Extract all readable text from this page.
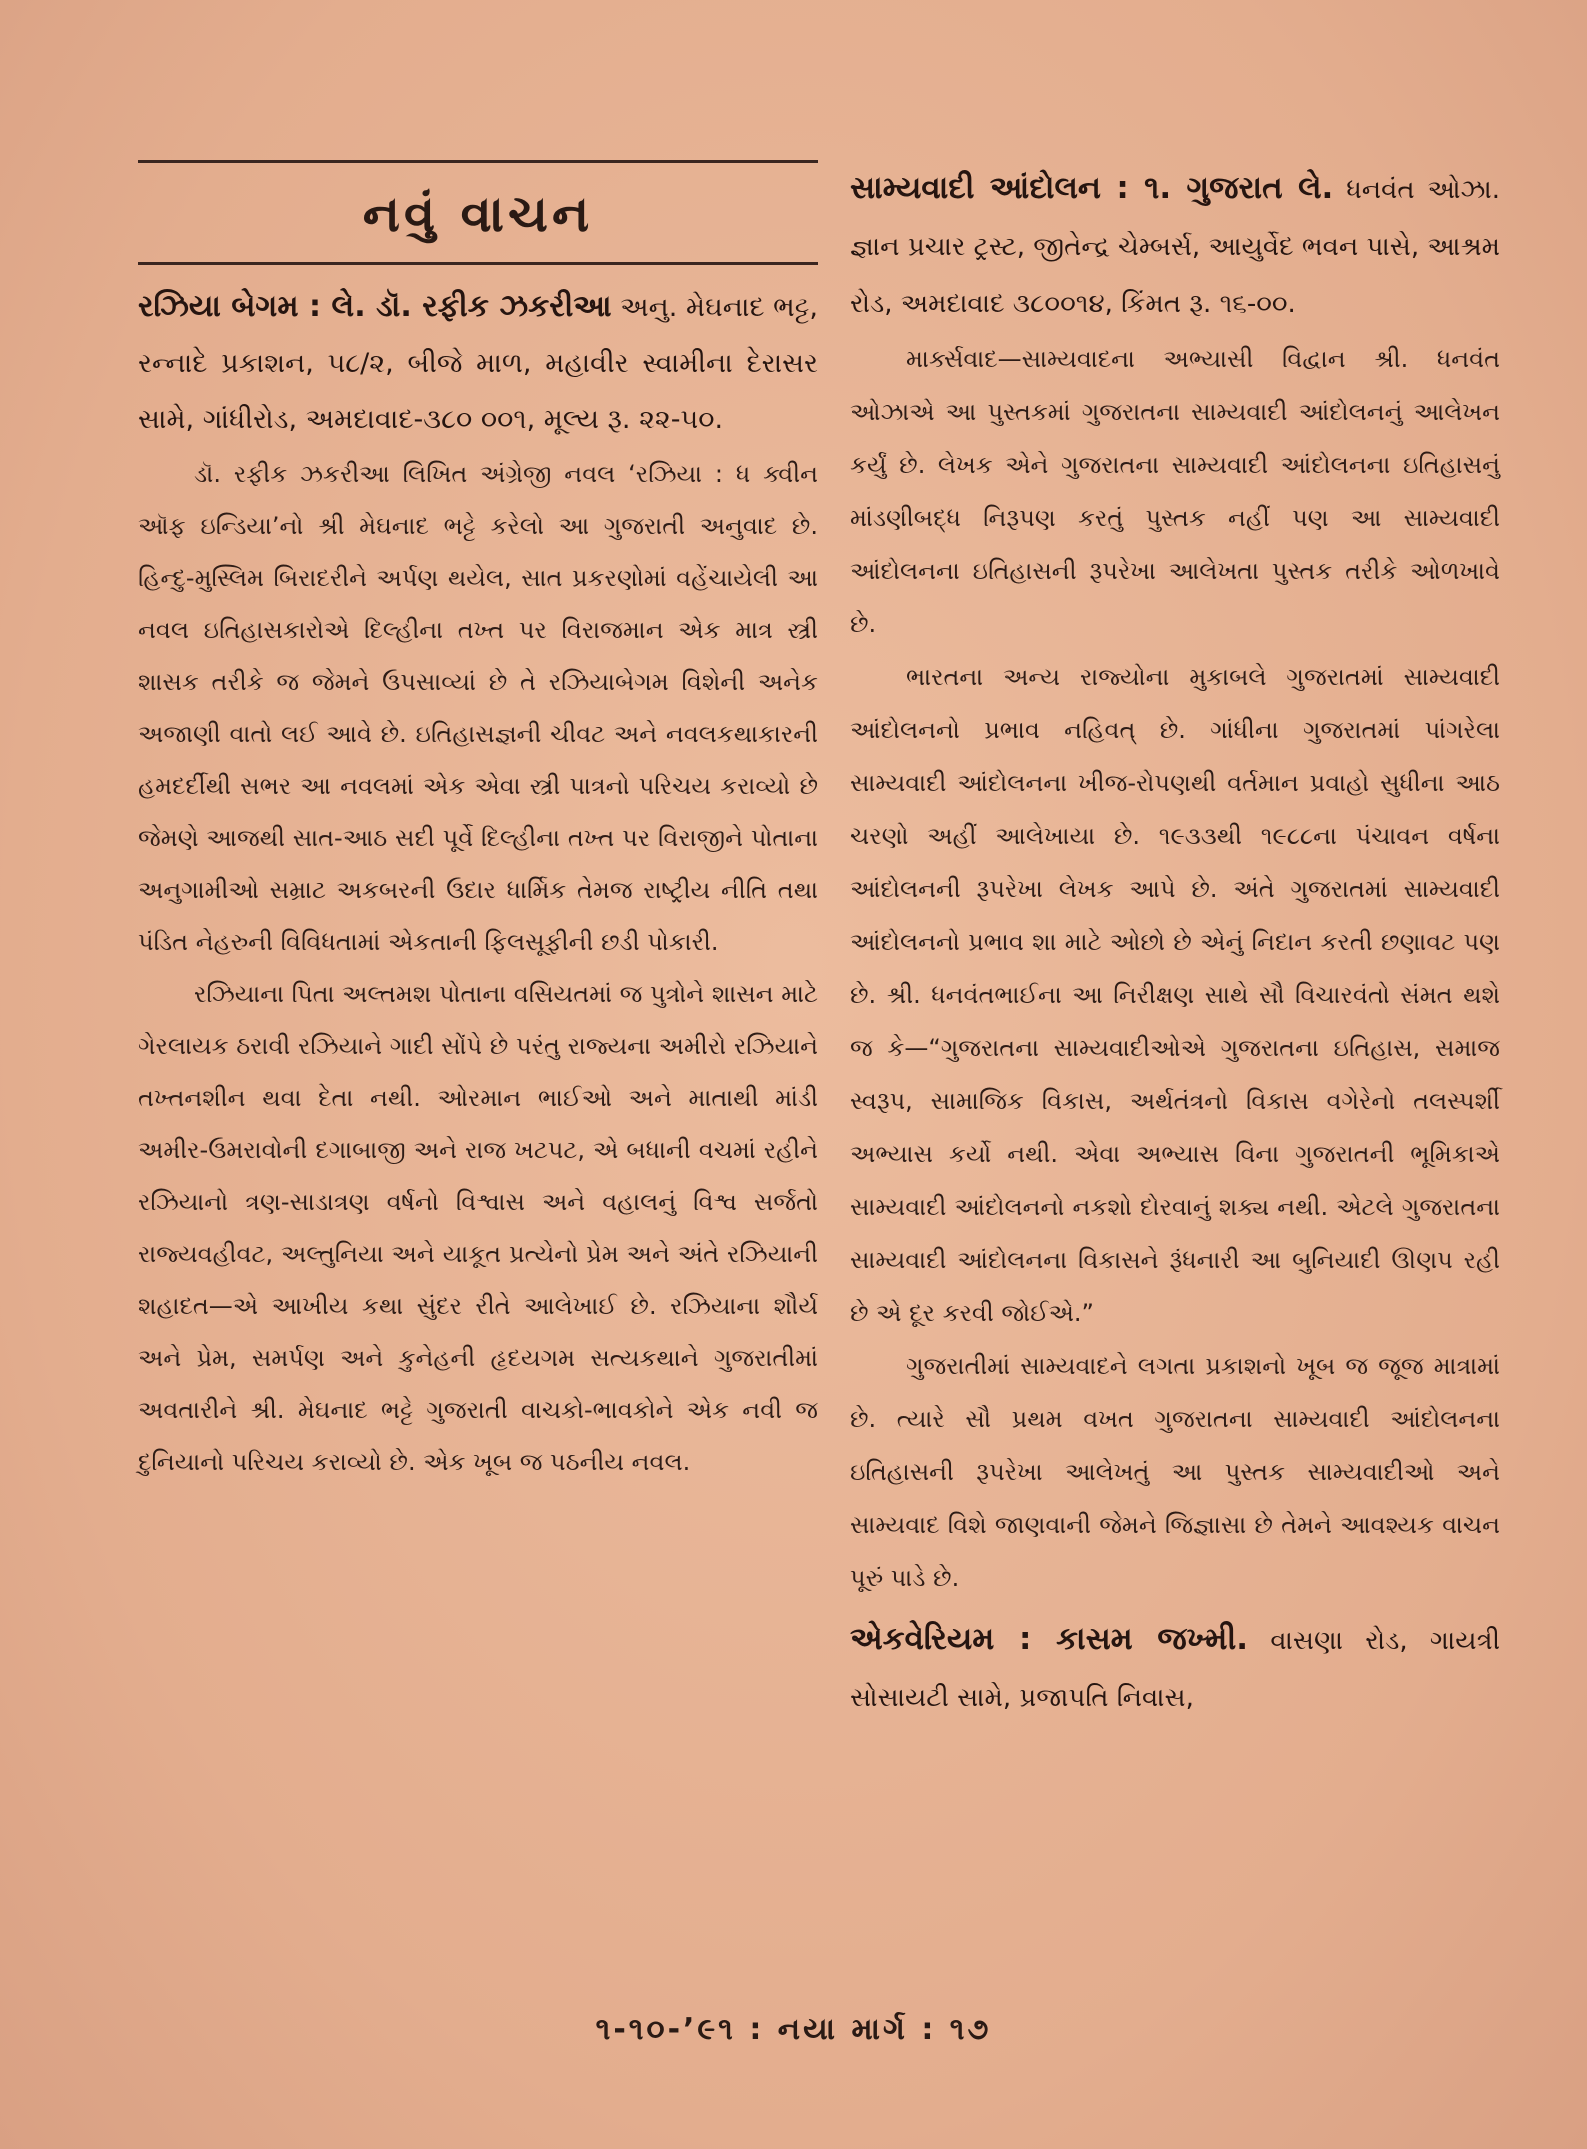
નવું વાચન
રઝિયા બેગમ : લે. ડૉ. રફીક ઝકરીઆ અનુ. મેઘનાદ ભટ્ટ, રન્નાદે પ્રકાશન, ૫૮/૨, બીજે માળ, મહાવીર સ્વામીના દેરાસર સામે, ગાંધીરોડ, અમદાવાદ-૩૮૦ ૦૦૧, મૂલ્ય રૂ. ૨૨-૫૦.

ડૉ. રફીક ઝકરીઆ લિખિત અંગ્રેજી નવલ ‘રઝિયા : ધ ક્વીન ઑફ ઇન્ડિયા’નો શ્રી મેઘનાદ ભટ્ટે કરેલો આ ગુજરાતી અનુવાદ છે. હિન્દુ-મુસ્લિમ બિરાદરીને અર્પણ થયેલ, સાત પ્રકરણોમાં વહેંચાયેલી આ નવલ ઇતિહાસકારોએ દિલ્હીના તખ્ત પર વિરાજમાન એક માત્ર સ્ત્રી શાસક તરીકે જ જેમને ઉપસાવ્યાં છે તે રઝિયાબેગમ વિશેની અનેક અજાણી વાતો લઈ આવે છે. ઇતિહાસજ્ઞની ચીવટ અને નવલકથાકારની હમદર્દીથી સભર આ નવલમાં એક એવા સ્ત્રી પાત્રનો પરિચય કરાવ્યો છે જેમણે આજથી સાત-આઠ સદી પૂર્વે દિલ્હીના તખ્ત પર વિરાજીને પોતાના અનુગામીઓ સમ્રાટ અકબરની ઉદાર ધાર્મિક તેમજ રાષ્ટ્રીય નીતિ તથા પંડિત નેહરુની વિવિધતામાં એકતાની ફિલસૂફીની છડી પોકારી.

રઝિયાના પિતા અલ્તમશ પોતાના વસિયતમાં જ પુત્રોને શાસન માટે ગેરલાયક ઠરાવી રઝિયાને ગાદી સોંપે છે પરંતુ રાજ્યના અમીરો રઝિયાને તખ્તનશીન થવા દેતા નથી. ઓરમાન ભાઈઓ અને માતાથી માંડી અમીર-ઉમરાવોની દગાબાજી અને રાજ ખટપટ, એ બધાની વચમાં રહીને રઝિયાનો ત્રણ-સાડાત્રણ વર્ષનો વિશ્વાસ અને વહાલનું વિશ્વ સર્જતો રાજ્યવહીવટ, અલ્તુનિયા અને યાકૂત પ્રત્યેનો પ્રેમ અને અંતે રઝિયાની શહાદત—એ આખીય કથા સુંદર રીતે આલેખાઈ છે. રઝિયાના શૌર્ય અને પ્રેમ, સમર્પણ અને કુનેહની હૃદયગમ સત્યકથાને ગુજરાતીમાં અવતારીને શ્રી. મેઘનાદ ભટ્ટે ગુજરાતી વાચકો-ભાવકોને એક નવી જ દુનિયાનો પરિચય કરાવ્યો છે. એક ખૂબ જ પઠનીય નવલ.

સામ્યવાદી આંદોલન : ૧. ગુજરાત લે. ધનવંત ઓઝા. જ્ઞાન પ્રચાર ટ્રસ્ટ, જીતેન્દ્ર ચેમ્બર્સ, આયુર્વેદ ભવન પાસે, આશ્રમ રોડ, અમદાવાદ ૩૮૦૦૧૪, કિંમત રૂ. ૧૬-૦૦.

માર્ક્સવાદ—સામ્યવાદના અભ્યાસી વિદ્વાન શ્રી. ધનવંત ઓઝાએ આ પુસ્તકમાં ગુજરાતના સામ્યવાદી આંદોલનનું આલેખન કર્યું છે. લેખક એને ગુજરાતના સામ્યવાદી આંદોલનના ઇતિહાસનું માંડણીબદ્ધ નિરૂપણ કરતું પુસ્તક નહીં પણ આ સામ્યવાદી આંદોલનના ઇતિહાસની રૂપરેખા આલેખતા પુસ્તક તરીકે ઓળખાવે છે.

ભારતના અન્ય રાજ્યોના મુકાબલે ગુજરાતમાં સામ્યવાદી આંદોલનનો પ્રભાવ નહિવત્ છે. ગાંધીના ગુજરાતમાં પાંગરેલા સામ્યવાદી આંદોલનના ખીજ-રોપણથી વર્તમાન પ્રવાહો સુધીના આઠ ચરણો અહીં આલેખાયા છે. ૧૯૩૩થી ૧૯૮૮ના પંચાવન વર્ષના આંદોલનની રૂપરેખા લેખક આપે છે. અંતે ગુજરાતમાં સામ્યવાદી આંદોલનનો પ્રભાવ શા માટે ઓછો છે એનું નિદાન કરતી છણાવટ પણ છે. શ્રી. ધનવંતભાઈના આ નિરીક્ષણ સાથે સૌ વિચારવંતો સંમત થશે જ કે—“ગુજરાતના સામ્યવાદીઓએ ગુજરાતના ઇતિહાસ, સમાજ સ્વરૂપ, સામાજિક વિકાસ, અર્થતંત્રનો વિકાસ વગેરેનો તલસ્પર્શી અભ્યાસ કર્યો નથી. એવા અભ્યાસ વિના ગુજરાતની ભૂમિકાએ સામ્યવાદી આંદોલનનો નકશો દોરવાનું શક્ય નથી. એટલે ગુજરાતના સામ્યવાદી આંદોલનના વિકાસને રૂંધનારી આ બુનિયાદી ઊણપ રહી છે એ દૂર કરવી જોઈએ.”

ગુજરાતીમાં સામ્યવાદને લગતા પ્રકાશનો ખૂબ જ જૂજ માત્રામાં છે. ત્યારે સૌ પ્રથમ વખત ગુજરાતના સામ્યવાદી આંદોલનના ઇતિહાસની રૂપરેખા આલેખતું આ પુસ્તક સામ્યવાદીઓ અને સામ્યવાદ વિશે જાણવાની જેમને જિજ્ઞાસા છે તેમને આવશ્યક વાચન પૂરું પાડે છે.

એકવેરિયમ : કાસમ જખ્મી. વાસણા રોડ, ગાયત્રી સોસાયટી સામે, પ્રજાપતિ નિવાસ,
૧-૧૦-’૯૧ : નયા માર્ગ : ૧૭
